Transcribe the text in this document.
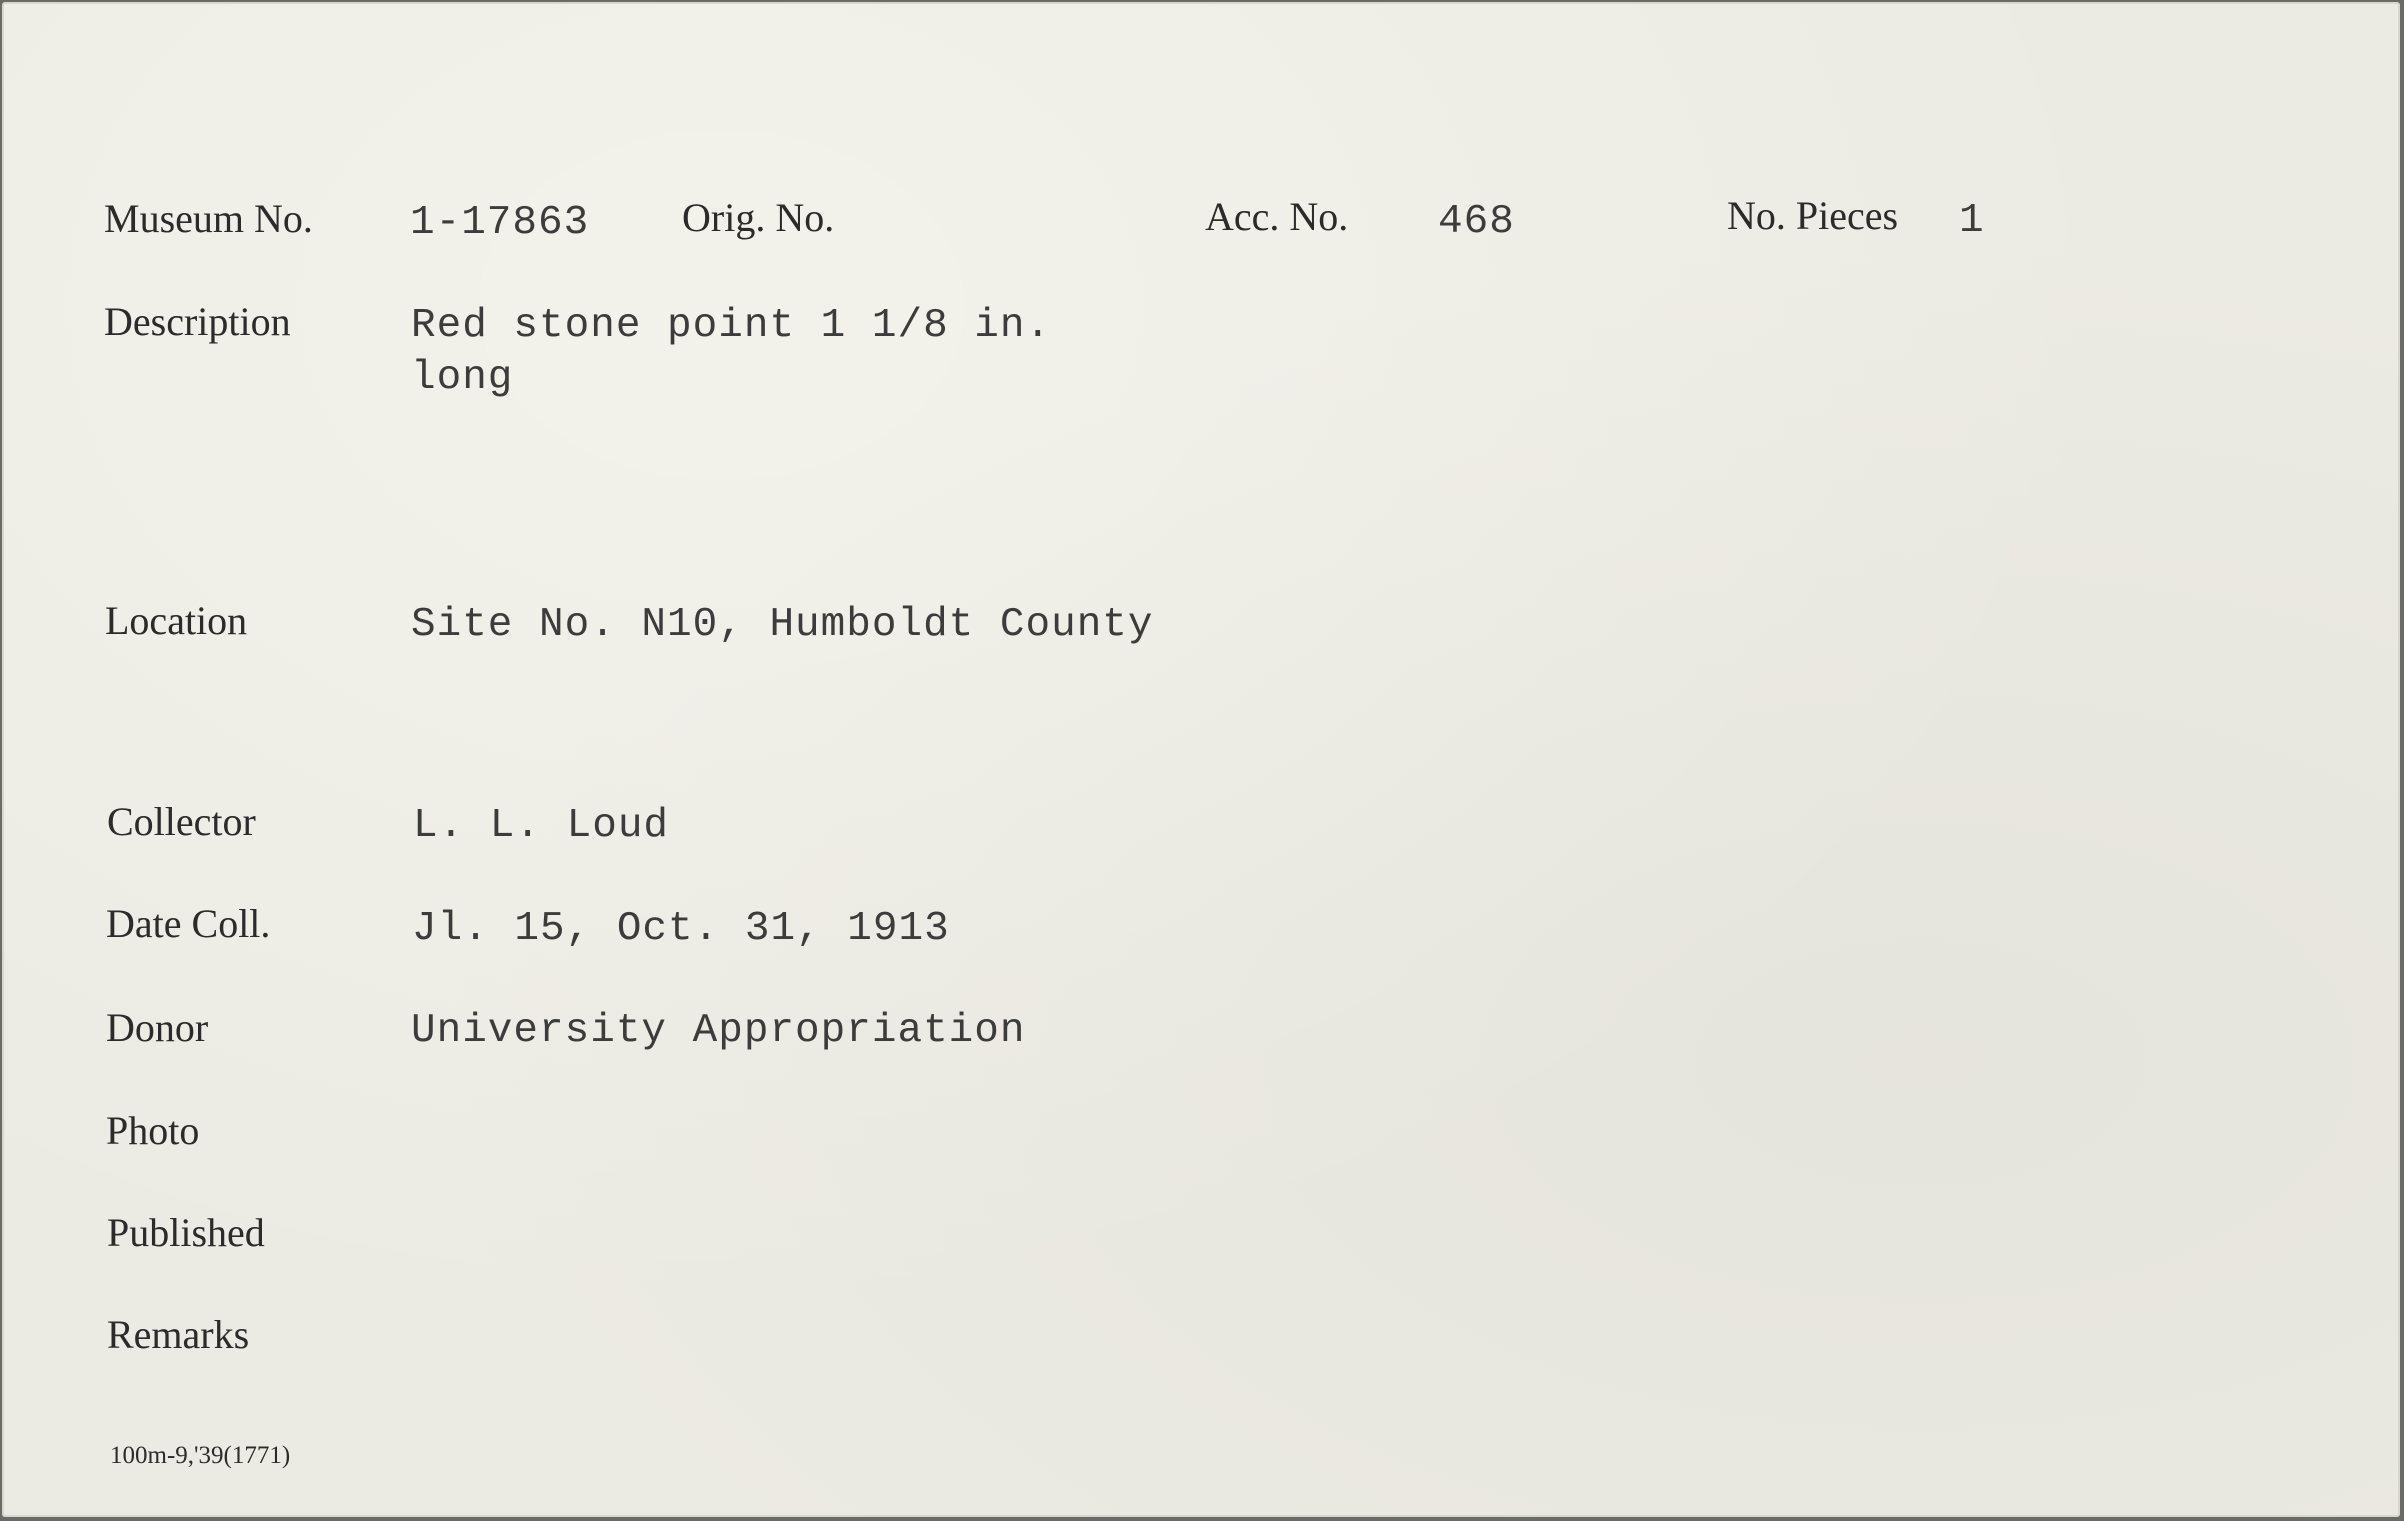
Museum No. 1-17863 Orig. No.	Acc. No. 468	No. Pieces 1
Description	Red stone point 1 1/8 in.
long
Location	Site No. N10, Humboldt County
Collector	L. L. Loud
Date Coll.	Jl. 15, Oct. 31, 1913
Donor	University Appropriation
Photo
Published
Remarks
100m-9,'39(1771)
